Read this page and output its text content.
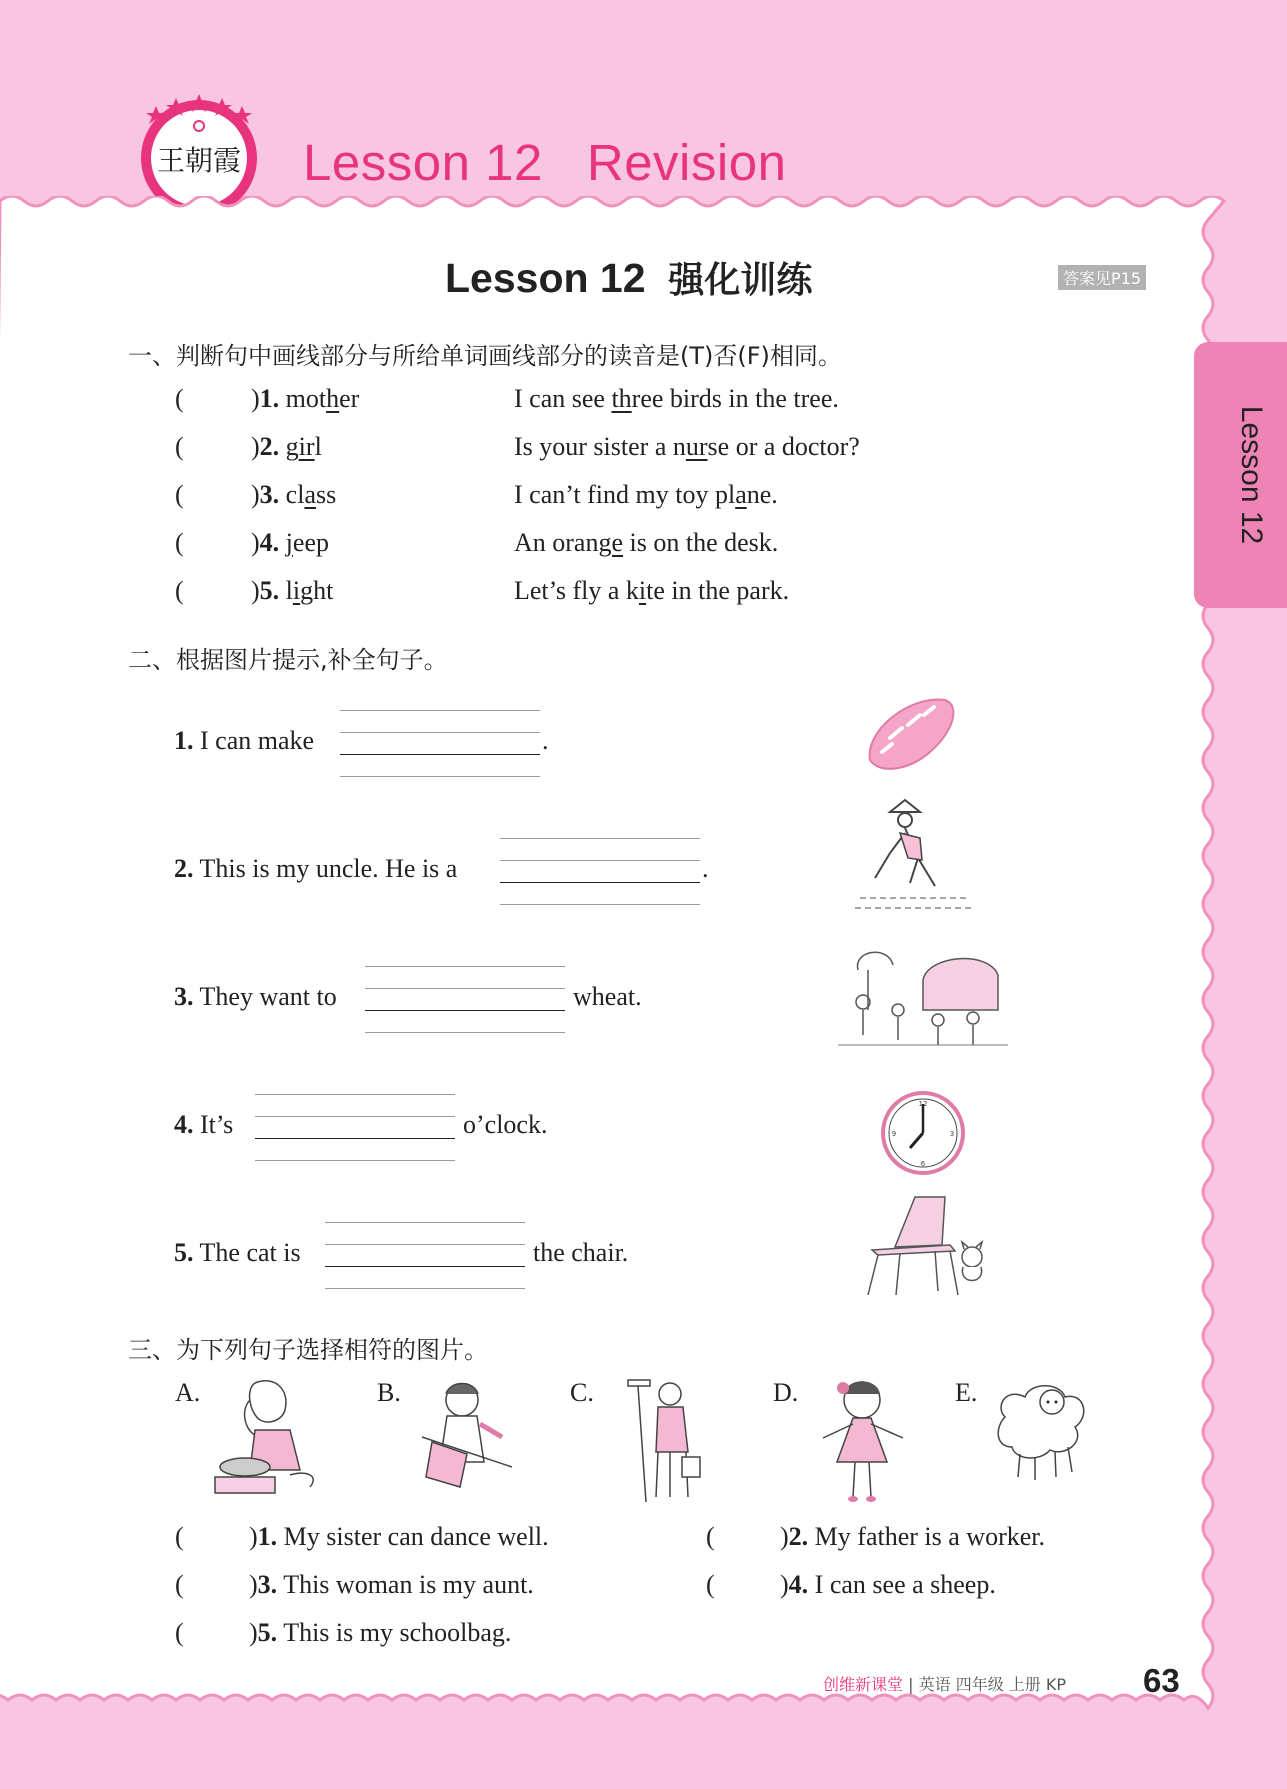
王朝霞 Lesson 12   Revision
Lesson 12
Lesson 12  强化训练	答案见P15
一、判断句中画线部分与所给单词画线部分的读音是(T)否(F)相同。
(	)1. mother	I can see three birds in the tree.
(	)2. girl	Is your sister a nurse or a doctor?
(	)3. class	I can’t find my toy plane.
(	)4. jeep	An orange is on the desk.
(	)5. light	Let’s fly a kite in the park.
二、根据图片提示,补全句子。
1. I can make	.
2. This is my uncle. He is a	.
3. They want to	wheat.
4. It’s	o’clock.
5. The cat is	the chair.
12
3
6
9
三、为下列句子选择相符的图片。
A.	B.	C.	D.	E.
(	)1. My sister can dance well.	(	)2. My father is a worker.
(	)3. This woman is my aunt.	(	)4. I can see a sheep.
(	)5. This is my schoolbag.
创维新课堂 | 英语 四年级 上册 KP 63
